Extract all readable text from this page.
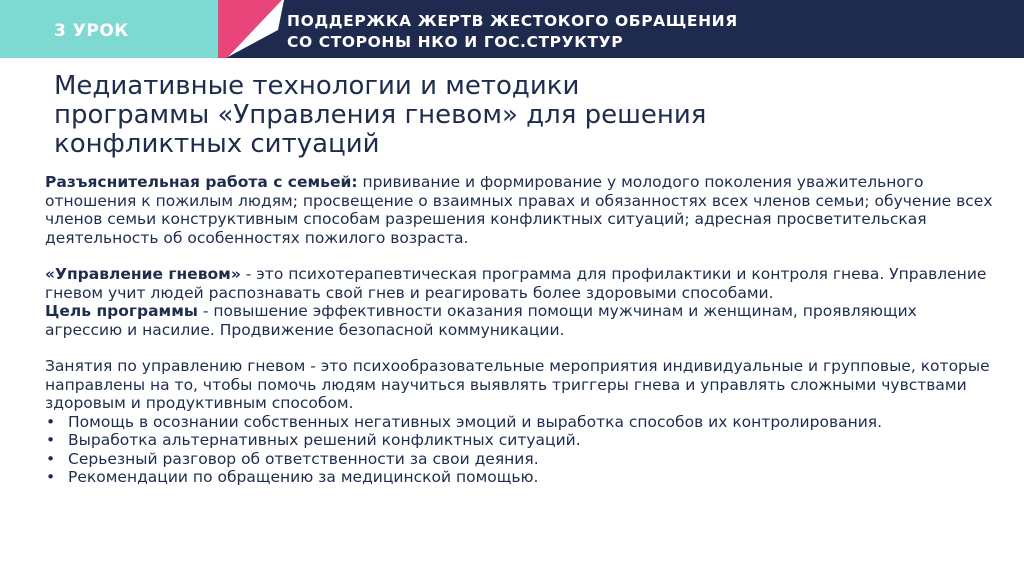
3 УРОК	ПОДДЕРЖКА ЖЕРТВ ЖЕСТОКОГО ОБРАЩЕНИЯ
СО СТОРОНЫ НКО И ГОС.СТРУКТУР
Медиативные технологии и методики
программы «Управления гневом» для решения
конфликтных ситуаций

Разъяснительная работа с семьей: прививание и формирование у молодого поколения уважительного отношения к пожилым людям; просвещение о взаимных правах и обязанностях всех членов семьи; обучение всех членов семьи конструктивным способам разрешения конфликтных ситуаций; адресная просветительская деятельность об особенностях пожилого возраста.

«Управление гневом» - это психотерапевтическая программа для профилактики и контроля гнева. Управление гневом учит людей распознавать свой гнев и реагировать более здоровыми способами.

Цель программы - повышение эффективности оказания помощи мужчинам и женщинам, проявляющих агрессию и насилие. Продвижение безопасной коммуникации.

Занятия по управлению гневом - это психообразовательные мероприятия индивидуальные и групповые, которые направлены на то, чтобы помочь людям научиться выявлять триггеры гнева и управлять сложными чувствами здоровым и продуктивным способом.

• Помощь в осознании собственных негативных эмоций и выработка способов их контролирования.
• Выработка альтернативных решений конфликтных ситуаций.
• Серьезный разговор об ответственности за свои деяния.
• Рекомендации по обращению за медицинской помощью.
